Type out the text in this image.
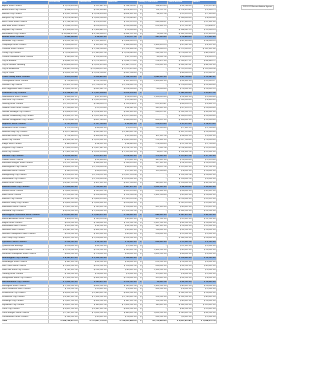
LGA	Residential	Commercial	Industrial	Primary Production		Public Benefit	Vacant
Alpine Shire Council	$ 1,070,418.58	$ 111,947.53	$ 768,103.57	$	158,819.30	$ 39,766.56	$ 11,012.83
Ararat Rural City Council	$ 944,019.78	$ 253,394.88	$ 878,355.14	$	151,111.52	$ 176,819.44	$ 3,500.73
Ballarat City Council	$ 3,551,109.00	$ 2,014,618.00	$ 604,331.00	$	68,521.00	$ 11,010.10	$ 7,303.00
Banyule City Council	$ 3,474,040.80	$ 1,000,200.00	$ 213,044.62	$	-	$ 140,000.00	$ 8,000.00
Bass Coast Shire Council	$ 1,786,282.10	$ 375,014.01	$ 224,113.10	$	493,008.31	$ 57,499.10	$ 11,301.00
Baw Baw Shire Council	$ 1,449,210.30	$ 415,020.14	$ 255,004.08	$	620,301.20	$ 21,102.41	$ 9,800.11
Bayside City Council	$ 5,109,002.18	$ 1,300,882.14	$ 15,000.00	$	-	$ 168,041.10	$ 12,000.14
Boroondara City Council	$ 10,888,970.07	$ 4,749,538.22	$ 564,121.00	$	15,001.00	$ 163,103.00	$ 11,420.16
Buloke Shire Council	$ 282,300.25	$ 56,001.00	$ 30,117.00	$	581,003.00	$ 12,400.00	$ 1,001.00
Brimbank City Council	$ 4,203,141.20	$ 1,702,300.21	$ 2,904,003.14	$	-	$ 81,303.00	$ 24,000.10
Campaspe Shire Council	$ 1,600,030.21	$ 325,011.00	$ 345,000.00	$	1,300,520.10	$ 47,041.00	$ 8,321.00
Cardinia Shire Council	$ 3,409,022.10	$ 1,136,294.00	$ 1,114,996.00	$	395,000.10	$ 171,003.21	$ 152,331.06
Casey City Council	$ 7,616,600.14	$ 1,300,011.00	$ 1,016,040.00	$	245,201.10	$ 270,001.31	$ 86,200.11
Central Goldfields Shire Council	$ 509,011.00	$ 110,503.00	$ 51,110.00	$	65,001.00	$ 15,034.10	$ 4,030.14
City of Ballarat	$ 4,883,221.30	$ 2,275,330.12	$ 1,096,773.00	$	226,471.00	$ 130,877.21	$ 66,460.72
City of Greater Geelong	$ 10,903,003.24	$ 2,815,313.00	$ 2,302,710.11	$	613,031.30	$ 330,142.01	$ 86,201.00
City of Melbourne	$ 8,602,118.00	$ 22,460,012.00	$ 1,212,613.00	$	-	$ 721,010.00	$ 112,000.00
City of Yarra	$ 5,003,131.00	$ 2,416,104.01	$ 962,108.00	$	-	$ 85,000.10	$ 11,002.21
Colac Otway Shire Council	$ 815,115.00	$ 209,453.00	$ 128,135.00	$	1,042,021.00	$ 41,700.00	$ 10,341.21
Corangamite Shire Council	$ 729,835.10	$ 215,103.00	$ 101,330.14	$	2,300,601.00	$ 59,301.00	$ 11,003.17
Darebin City Council	$ 5,411,113.00	$ 1,703,111.01	$ 1,114,002.20	$	-	$ 170,010.00	$ 20,300.00
East Gippsland Shire Council	$ 1,805,102.31	$ 462,541.76	$ 414,004.00	$	730,004.00	$ 75,001.00	$ 15,002.10
Frankston City Council	$ 6,398,417.14	$ 1,301,034.00	$ 819,316.00	$	-	$ 145,300.00	$ 30,011.00
Gannawarra Shire Council	$ 363,001.21	$ 61,310.00	$ 26,024.00	$	1,100,003.00	$ 19,301.00	$ 2,000.00
Glen Eira City Council	$ 7,701,301.00	$ 1,201,010.00	$ 11,060.00	$	-	$ 155,000.00	$ 6,600.00
Glenelg Shire Council	$ 1,110,742.11	$ 299,030.70	$ 128,330.11	$	622,410.41	$ 65,018.70	$ 9,401.10
Golden Plains Shire Council	$ 1,140,631.00	$ 15,110.00	$ 44,541.00	$	635,011.00	$ 57,510.70	$ 20,000.00
Greater Bendigo City Council	$ 5,406,013.01	$ 1,416,401.30	$ 543,302.00	$	430,012.01	$ 150,101.14	$ 33,001.00
Greater Dandenong City Council	$ 4,505,217.00	$ 1,921,401.00	$ 3,517,000.00	$	-	$ 150,010.00	$ 25,000.00
Greater Shepparton City Council	$ 2,670,041.00	$ 801,160.00	$ 480,000.00	$	605,021.00	$ 100,001.00	$ 12,000.00
Hepburn Shire Council	$ 707,012.10	$ 127,100.00	$ 25,001.00	$	210,010.00	$ 21,013.00	$ 18,013.00
Hindmarsh Shire Council	$ 174,110.00	$ 40,001.00	$ 9,020.00	$	751,030.00	$ 7,331.20	$ 2,100.00
Hobsons Bay City Council	$ 3,877,888.09	$ 591,061.25	$ 2,300,011.00	$	-	$ 101,223.00	$ 13,000.00
Horsham Rural City Council	$ 714,403.10	$ 305,001.00	$ 91,000.00	$	811,011.00	$ 56,001.00	$ 5,001.00
Hume City Council	$ 6,100,141.00	$ 1,612,001.00	$ 3,441,000.00	$	220,301.00	$ 207,100.00	$ 70,000.00
Indigo Shire Council	$ 800,160.11	$ 58,531.00	$ 38,640.00	$	274,004.30	$ 22,101.00	$ 1,700.00
Kingston City Council	$ 7,500,214.00	$ 1,907,347.00	$ 3,218,707.00	$	7,051.00	$ 214,403.00	$ 12,010.00
Knox City Council	$ 7,302,201.20	$ 1,413,210.00	$ 1,701,031.00	$	30,017.00	$ 114,301.00	$ 21,001.00
Latrobe City Council	$ 2,630,302.01	$ 615,011.00	$ 618,001.00	$	373,001.00	$ 113,011.00	$ 37,101.00
Loddon Shire Council	$ 301,001.00	$ 53,400.00	$ 10,011.00	$	853,011.00	$ 19,000.00	$ 1,010.00
Macedon Ranges Shire Council	$ 3,211,100.00	$ 385,001.00	$ 145,010.00	$	427,011.00	$ 24,520.00	$ 15,010.00
Manningham City Council	$ 6,800,221.00	$ 1,110,000.00	$ 80,010.00	$	40,021.00	$ 113,011.00	$ 32,101.00
Mansfield Shire Council	$ 540,110.00	$ 60,010.00	$ 12,011.00	$	311,000.00	$ 8,001.00	$ 10,001.00
Maribyrnong City Council	$ 3,313,021.00	$ 1,130,111.00	$ 1,021,110.00	$	-	$ 110,101.00	$ 10,031.00
Maroondah City Council	$ 5,221,011.00	$ 1,115,003.00	$ 1,015,001.00	$	-	$ 110,001.00	$ 5,001.00
Melton Shire Council	$ 4,001,110.00	$ 611,011.00	$ 501,100.00	$	300,011.00	$ 120,001.00	$ 90,101.00
Mildura Rural City Council	$ 1,900,001.00	$ 700,001.00	$ 401,011.00	$	1,500,301.00	$ 98,300.00	$ 20,001.00
Mitchell Shire Council	$ 1,600,100.00	$ 250,011.00	$ 201,010.00	$	420,301.00	$ 50,001.00	$ 35,011.00
Moira Shire Council	$ 1,216,011.00	$ 325,005.00	$ 110,100.00	$	1,305,100.00	$ 53,011.00	$ 10,001.00
Monash City Council	$ 9,501,011.00	$ 2,803,010.00	$ 2,130,110.00	$	-	$ 213,001.00	$ 11,021.00
Moonee Valley City Council	$ 5,800,100.00	$ 1,000,501.00	$ 420,001.00	$	-	$ 131,010.00	$ 10,011.00
Moorabool Shire Council	$ 1,501,201.00	$ 153,011.00	$ 120,001.00	$	501,302.00	$ 40,011.00	$ 20,311.00
Moreland City Council	$ 6,010,101.00	$ 1,310,001.00	$ 1,110,101.00	$	-	$ 160,101.00	$ 20,101.00
Mornington Peninsula Shire Council	$ 11,001,001.00	$ 1,600,311.00	$ 700,001.00	$	640,001.00	$ 301,011.00	$ 80,101.00
Mount Alexander Shire Council	$ 830,111.00	$ 130,110.00	$ 60,011.00	$	301,101.00	$ 23,011.00	$ 13,101.00
Moyne Shire Council	$ 810,101.00	$ 130,001.00	$ 115,101.00	$	2,501,101.00	$ 40,101.00	$ 10,001.00
Murrindindi Shire Council	$ 611,001.00	$ 90,101.00	$ 40,101.00	$	501,011.00	$ 13,001.00	$ 11,001.00
Nillumbik Shire Council	$ 3,501,011.00	$ 300,101.00	$ 50,011.00	$	150,001.00	$ 50,101.00	$ 10,001.00
Northern Grampians Shire Council	$ 410,101.00	$ 101,001.00	$ 40,011.00	$	920,001.00	$ 21,001.00	$ 2,001.00
Port Phillip City Council	$ 8,001,101.00	$ 2,510,001.00	$ 520,101.00	$	-	$ 140,101.00	$ 20,001.00
Pyrenees Shire Council	$ 230,101.00	$ 30,101.00	$ 10,001.00	$	650,001.00	$ 11,001.00	$ 2,101.00
Queenscliffe Borough	$ 410,001.00	$ 60,101.00	$ 1,001.00	$	-	$ 11,011.00	$ 2,001.00
South Gippsland Shire Council	$ 1,210,101.00	$ 220,101.00	$ 130,011.00	$	1,300,101.00	$ 40,011.00	$ 15,001.00
Southern Grampians Shire Council	$ 600,101.00	$ 170,001.00	$ 60,001.00	$	1,400,101.00	$ 40,001.00	$ 3,001.00
Stonnington City Council	$ 8,301,011.00	$ 3,100,101.00	$ 150,001.00	$	-	$ 110,001.00	$ 10,101.00
Strathbogie Shire Council	$ 401,011.00	$ 60,101.00	$ 30,001.00	$	610,101.00	$ 15,001.00	$ 5,001.00
Surf Coast Shire Council	$ 2,500,101.00	$ 410,101.00	$ 110,001.00	$	450,001.00	$ 50,101.00	$ 40,011.00
Swan Hill Rural City Council	$ 701,011.00	$ 250,101.00	$ 80,011.00	$	1,100,101.00	$ 40,101.00	$ 3,001.00
Towong Shire Council	$ 150,101.00	$ 20,001.00	$ 5,001.00	$	370,011.00	$ 6,001.00	$ 1,001.00
Wangaratta Rural City Council	$ 1,100,101.00	$ 300,101.00	$ 210,001.00	$	610,011.00	$ 50,101.00	$ 8,001.00
Warrnambool City Council	$ 1,500,101.00	$ 500,011.00	$ 210,101.00	$	30,001.00	$ 60,101.00	$ 10,001.00
Wellington Shire Council	$ 1,700,101.00	$ 400,101.00	$ 260,011.00	$	1,300,101.00	$ 80,011.00	$ 20,001.00
West Wimmera Shire Council	$ 110,101.00	$ 20,011.00	$ 5,001.00	$	900,101.00	$ 6,001.00	$ 1,001.00
Whitehorse City Council	$ 8,000,101.00	$ 1,800,011.00	$ 900,101.00	$	-	$ 140,101.00	$ 10,001.00
Whittlesea City Council	$ 5,401,011.00	$ 1,100,101.00	$ 1,700,011.00	$	310,101.00	$ 150,101.00	$ 60,011.00
Wodonga City Council	$ 1,401,101.00	$ 500,101.00	$ 301,011.00	$	110,101.00	$ 60,011.00	$ 15,001.00
Wyndham City Council	$ 5,601,101.00	$ 900,011.00	$ 1,500,101.00	$	300,011.00	$ 160,101.00	$ 110,011.00
Yarra City Council	$ 4,901,101.00	$ 2,401,011.00	$ 900,101.00	$	-	$ 80,101.00	$ 10,011.00
Yarra Ranges Shire Council	$ 7,101,011.00	$ 1,000,101.00	$ 800,011.00	$	1,000,101.00	$ 200,011.00	$ 40,101.00
Yarriambiack Shire Council	$ 180,101.00	$ 30,011.00	$ 10,001.00	$	950,101.00	$ 8,011.00	$ 1,001.00
Total	$ 304,796,813.19	$ 117,497,178.18	$ 118,201,408.18	$	41,715,850.00	$ 9,901,415.40	$ 1,654,672.74
2011-12 Reconciliation figures
